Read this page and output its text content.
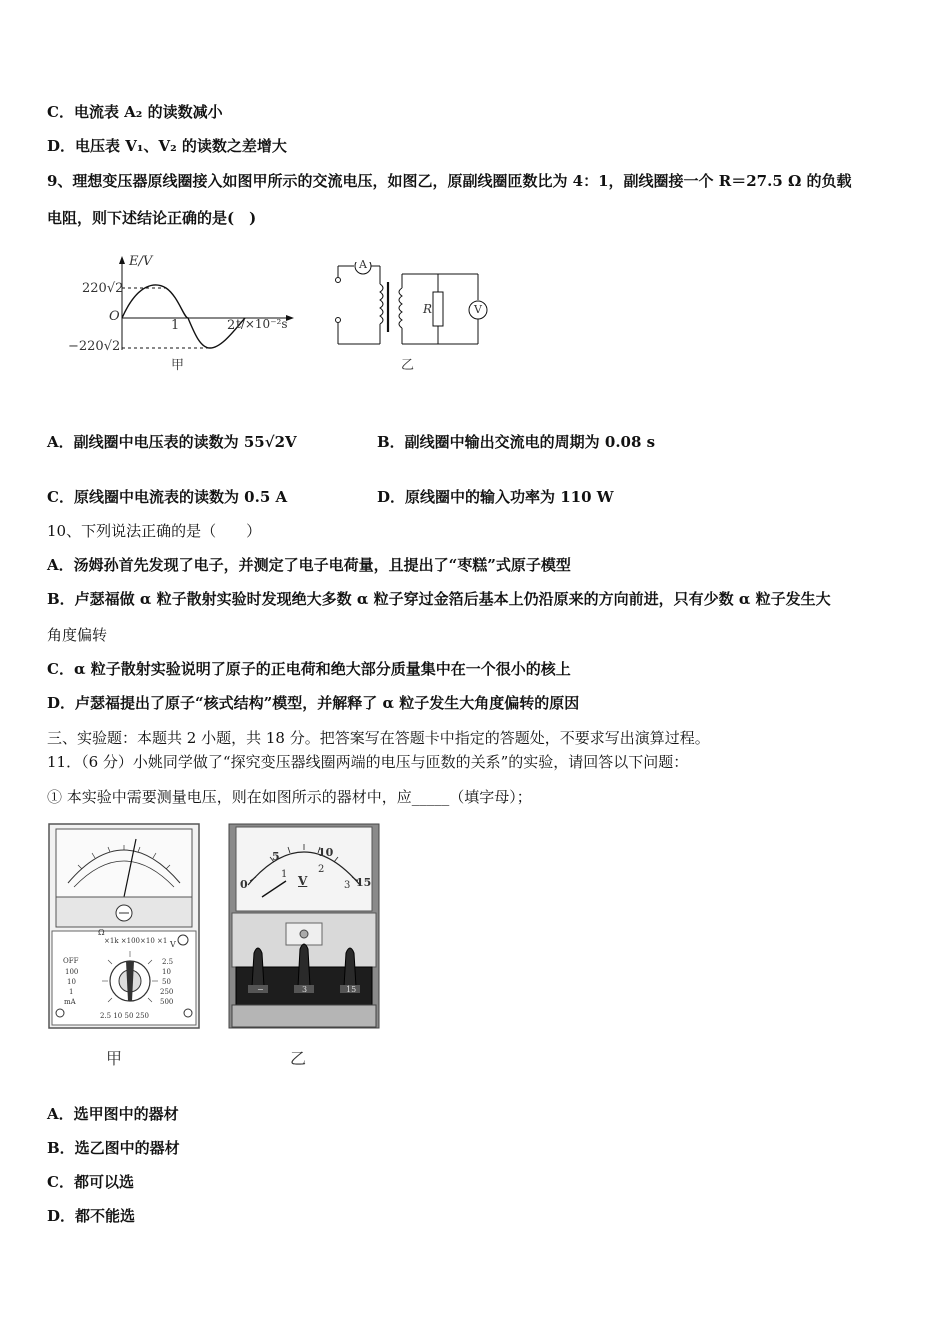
C．电流表 A₂ 的读数减小
D．电压表 V₁、V₂ 的读数之差增大
9、理想变压器原线圈接入如图甲所示的交流电压，如图乙，原副线圈匝数比为 4：1，副线圈接一个 R＝27.5 Ω 的负载
电阻，则下述结论正确的是(　)
E/V
220√2
O
−220√2
1	2 t/×10⁻²s
甲
A
R	V
乙
A．副线圈中电压表的读数为 55√2V	B．副线圈中输出交流电的周期为 0.08 s
C．原线圈中电流表的读数为 0.5 A	D．原线圈中的输入功率为 110 W
10、下列说法正确的是（　　）
A．汤姆孙首先发现了电子，并测定了电子电荷量，且提出了“枣糕”式原子模型
B．卢瑟福做 α 粒子散射实验时发现绝大多数 α 粒子穿过金箔后基本上仍沿原来的方向前进，只有少数 α 粒子发生大
角度偏转
C．α 粒子散射实验说明了原子的正电荷和绝大部分质量集中在一个很小的核上
D．卢瑟福提出了原子“核式结构”模型，并解释了 α 粒子发生大角度偏转的原因
三、实验题：本题共 2 小题，共 18 分。把答案写在答题卡中指定的答题处，不要求写出演算过程。
11．（6 分）小姚同学做了“探究变压器线圈两端的电压与匝数的关系”的实验，请回答以下问题：
① 本实验中需要测量电压，则在如图所示的器材中，应_____（填字母）；
Ω
×1k ×100×10 ×1
OFF
100
10
1
mA
2.5
10
50
250
500
V
2.5 10 50 250
0
5	10
15
1	2
3
V
−	3	15
甲	乙
A．选甲图中的器材
B．选乙图中的器材
C．都可以选
D．都不能选
